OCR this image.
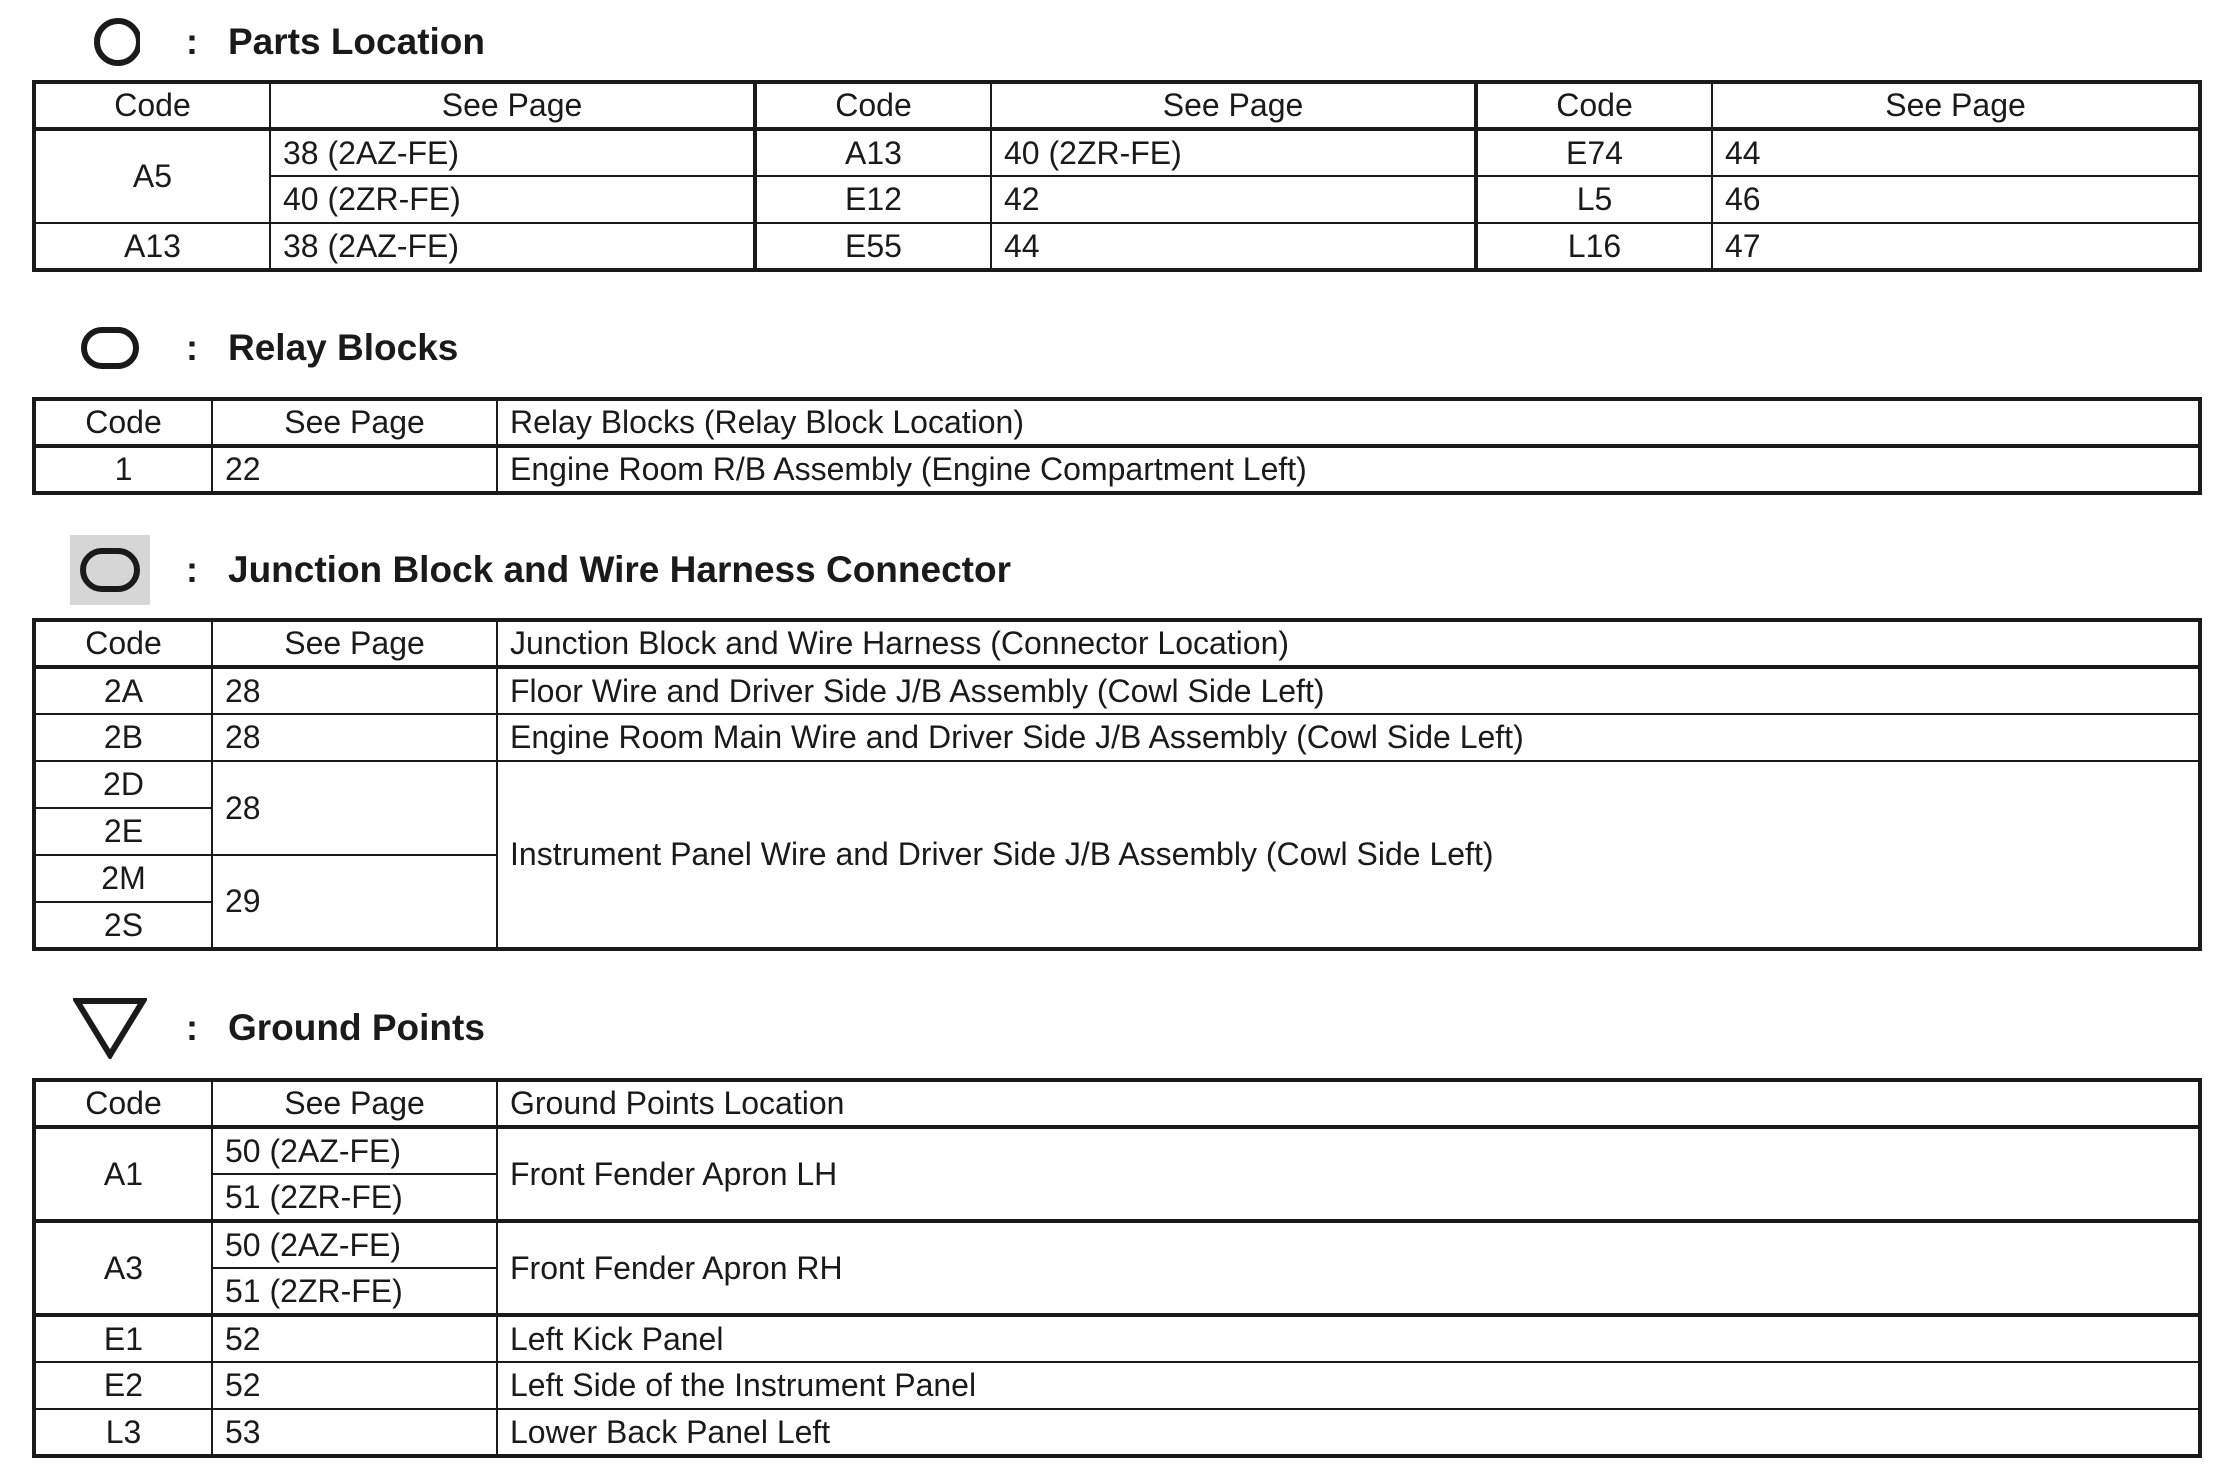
: Parts Location
Code	See Page	Code	See Page	Code	See Page
A5	38 (2AZ-FE)	A13	40 (2ZR-FE)	E74	44
	40 (2ZR-FE)	E12	42	L5	46
A13	38 (2AZ-FE)	E55	44	L16	47
: Relay Blocks
Code	See Page	Relay Blocks (Relay Block Location)
1	22	Engine Room R/B Assembly (Engine Compartment Left)
: Junction Block and Wire Harness Connector
Code	See Page	Junction Block and Wire Harness (Connector Location)
2A	28	Floor Wire and Driver Side J/B Assembly (Cowl Side Left)
2B	28	Engine Room Main Wire and Driver Side J/B Assembly (Cowl Side Left)
2D	28	Instrument Panel Wire and Driver Side J/B Assembly (Cowl Side Left)
2E		
2M	29	
2S		
: Ground Points
Code	See Page	Ground Points Location
A1	50 (2AZ-FE)	Front Fender Apron LH
	51 (2ZR-FE)	
A3	50 (2AZ-FE)	Front Fender Apron RH
	51 (2ZR-FE)	
E1	52	Left Kick Panel
E2	52	Left Side of the Instrument Panel
L3	53	Lower Back Panel Left
